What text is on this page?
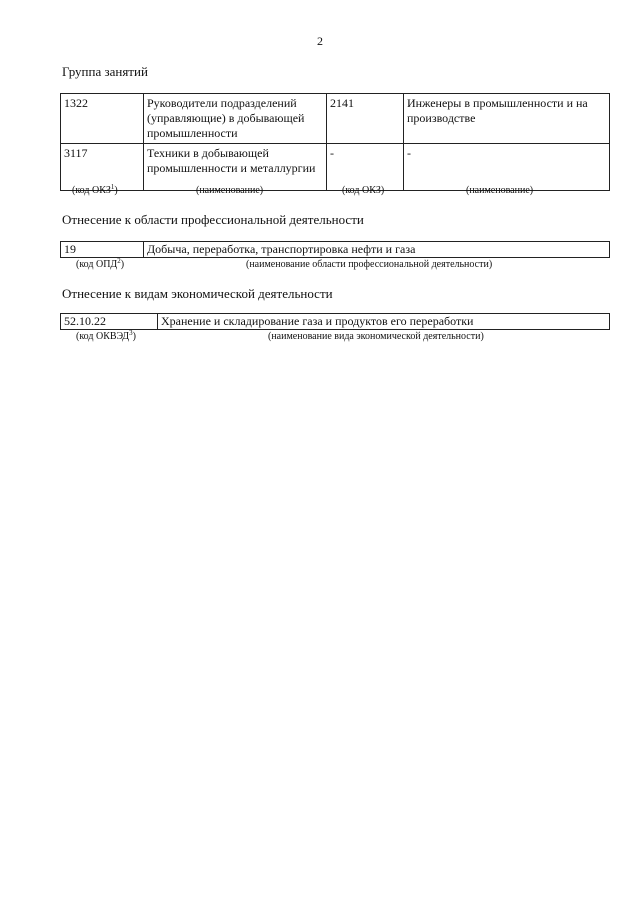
2
Группа занятий
1322	Руководители подразделений (управляющие) в добывающей промышленности	2141	Инженеры в промышленности и на производстве
3117	Техники в добывающей промышленности и металлургии	-	-
(код ОКЗ$^1$)	(наименование)	(код ОКЗ)	(наименование)
Отнесение к области профессиональной деятельности
19	Добыча, переработка, транспортировка нефти и газа
(код ОПД$^2$)	(наименование области профессиональной деятельности)
Отнесение к видам экономической деятельности
52.10.22	Хранение и складирование газа и продуктов его переработки
(код ОКВЭД$^3$)	(наименование вида экономической деятельности)
